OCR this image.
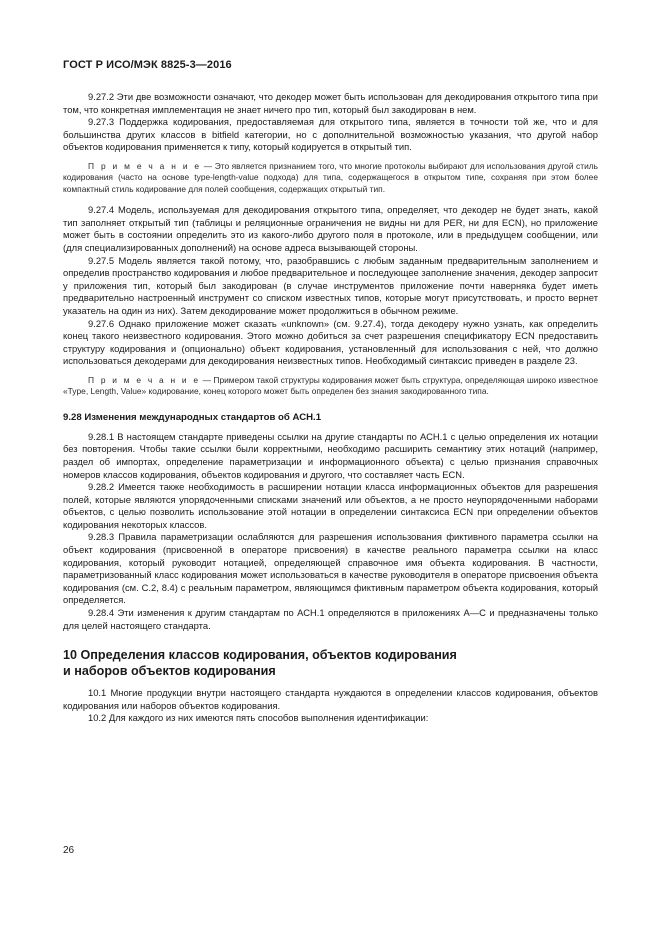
ГОСТ Р ИСО/МЭК 8825-3—2016

9.27.2 Эти две возможности означают, что декодер может быть использован для декодирования открытого типа при том, что конкретная имплементация не знает ничего про тип, который был закодирован в нем.

9.27.3 Поддержка кодирования, предоставляемая для открытого типа, является в точности той же, что и для большинства других классов в bitfield категории, но с дополнительной возможностью указания, что другой набор объектов кодирования применяется к типу, который кодируется в открытый тип.

П р и м е ч а н и е — Это является признанием того, что многие протоколы выбирают для использования другой стиль кодирования (часто на основе type-length-value подхода) для типа, содержащегося в открытом типе, сохраняя при этом более компактный стиль кодирование для полей сообщения, содержащих открытый тип.

9.27.4 Модель, используемая для декодирования открытого типа, определяет, что декодер не будет знать, какой тип заполняет открытый тип (таблицы и реляционные ограничения не видны ни для PER, ни для ECN), но приложение может быть в состоянии определить это из какого-либо другого поля в протоколе, или в предыдущем сообщении, или (для специализированных дополнений) на основе адреса вызывающей стороны.

9.27.5 Модель является такой потому, что, разобравшись с любым заданным предварительным заполнением и определив пространство кодирования и любое предварительное и последующее заполнение значения, декодер запросит у приложения тип, который был закодирован (в случае инструментов приложение почти наверняка будет иметь предварительно настроенный инструмент со списком известных типов, которые могут присутствовать, и просто вернет указатель на один из них). Затем декодирование может продолжиться в обычном режиме.

9.27.6 Однако приложение может сказать «unknown» (см. 9.27.4), тогда декодеру нужно узнать, как определить конец такого неизвестного кодирования. Этого можно добиться за счет разрешения спецификатору ECN предоставить структуру кодирования и (опционально) объект кодирования, установленный для использования с ней, что должно использоваться декодерами для декодирования неизвестных типов. Необходимый синтаксис приведен в разделе 23.

П р и м е ч а н и е — Примером такой структуры кодирования может быть структура, определяющая широко известное «Type, Length, Value» кодирование, конец которого может быть определен без знания закодированного типа.

9.28 Изменения международных стандартов об АСН.1

9.28.1 В настоящем стандарте приведены ссылки на другие стандарты по АСН.1 с целью определения их нотации без повторения. Чтобы такие ссылки были корректными, необходимо расширить семантику этих нотаций (например, раздел об импортах, определение параметризации и информационного объекта) с целью признания справочных номеров классов кодирования, объектов кодирования и другого, что составляет часть ECN.

9.28.2 Имеется также необходимость в расширении нотации класса информационных объектов для разрешения полей, которые являются упорядоченными списками значений или объектов, а не просто неупорядоченными наборами объектов, с целью позволить использование этой нотации в определении синтаксиса ECN при определении объектов кодирования некоторых классов.

9.28.3 Правила параметризации ослабляются для разрешения использования фиктивного параметра ссылки на объект кодирования (присвоенной в операторе присвоения) в качестве реального параметра ссылки на класс кодирования, который руководит нотацией, определяющей справочное имя объекта кодирования. В частности, параметризованный класс кодирования может использоваться в качестве руководителя в операторе присвоения объекта кодирования (см. С.2, 8.4) с реальным параметром, являющимся фиктивным параметром объекта кодирования, который определяется.

9.28.4 Эти изменения к другим стандартам по АСН.1 определяются в приложениях А—С и предназначены только для целей настоящего стандарта.

10 Определения классов кодирования, объектов кодирования
и наборов объектов кодирования

10.1 Многие продукции внутри настоящего стандарта нуждаются в определении классов кодирования, объектов кодирования или наборов объектов кодирования.

10.2 Для каждого из них имеются пять способов выполнения идентификации:

26
